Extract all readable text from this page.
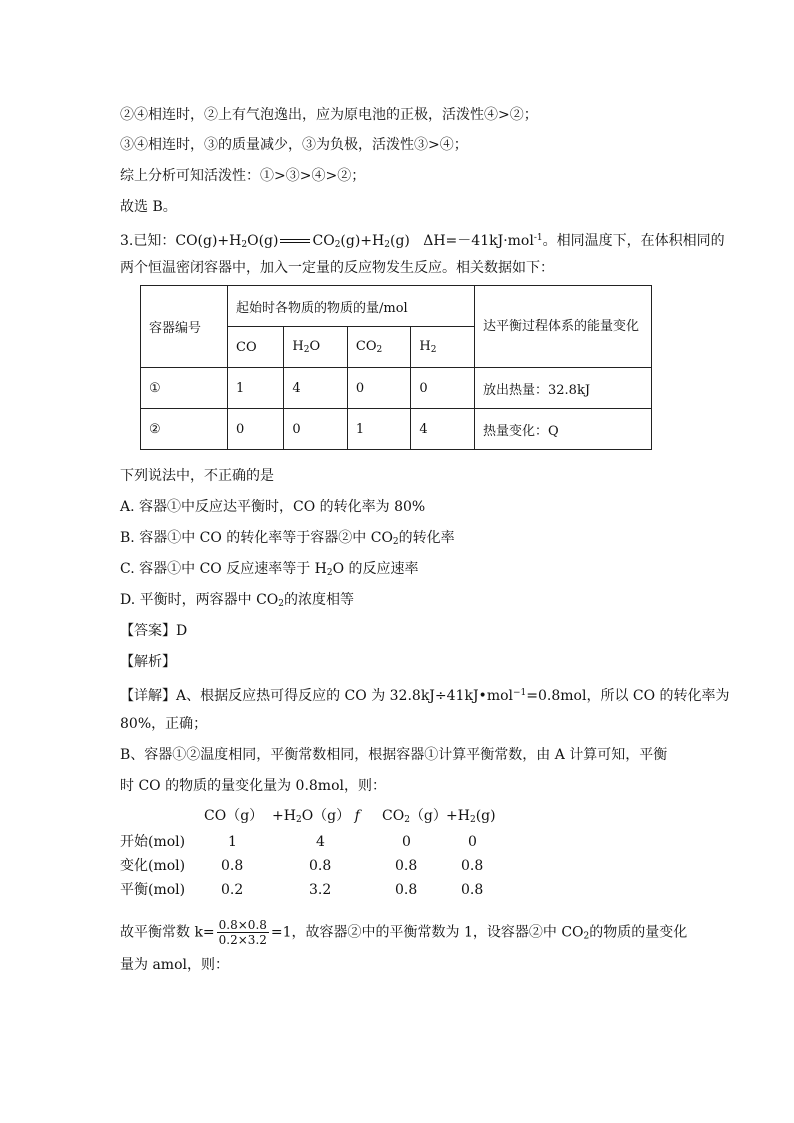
②④相连时，②上有气泡逸出，应为原电池的正极，活泼性④>②；
③④相连时，③的质量减少，③为负极，活泼性③>④；
综上分析可知活泼性：①>③>④>②；
故选 B。
3.已知：$CO(g)+H_2O(g)$ $CO_2(g)+H_2(g)$ ΔH=－41kJ·mol$^{-1}$。相同温度下，在体积相同的
两个恒温密闭容器中，加入一定量的反应物发生反应。相关数据如下：
容器编号	起始时各物质的物质的量/mol				达平衡过程体系的能量变化
	CO	$H_2O$	$CO_2$	$H_2$
①	1	4	0	0	放出热量：32.8kJ
②	0	0	1	4	热量变化：Q
下列说法中，不正确的是
A. 容器①中反应达平衡时，CO 的转化率为 80%
B. 容器①中 CO 的转化率等于容器②中 $CO_2$的转化率
C. 容器①中 CO 反应速率等于 $H_2O$ 的反应速率
D. 平衡时，两容器中 $CO_2$的浓度相等
【答案】D
【解析】
【详解】A、根据反应热可得反应的 CO 为 32.8kJ÷41kJ•mol$^{-1}$=0.8mol，所以 CO 的转化率为
80%，正确；
B、容器①②温度相同，平衡常数相同，根据容器①计算平衡常数，由 A 计算可知，平衡
时 CO 的物质的量变化量为 0.8mol，则：
$CO(g) +H_2O(g)$ f $CO_2(g) +H_2(g)$
开始(mol)	1	4	0	0
变化(mol)	0.8	0.8	0.8	0.8
平衡(mol)	0.2	3.2	0.8	0.8
故平衡常数 $k= \frac{0.8\times 0.8}{0.2\times 3.2} =1$，故容器②中的平衡常数为 1，设容器②中 $CO_2$的物质的量变化
量为 amol，则：
